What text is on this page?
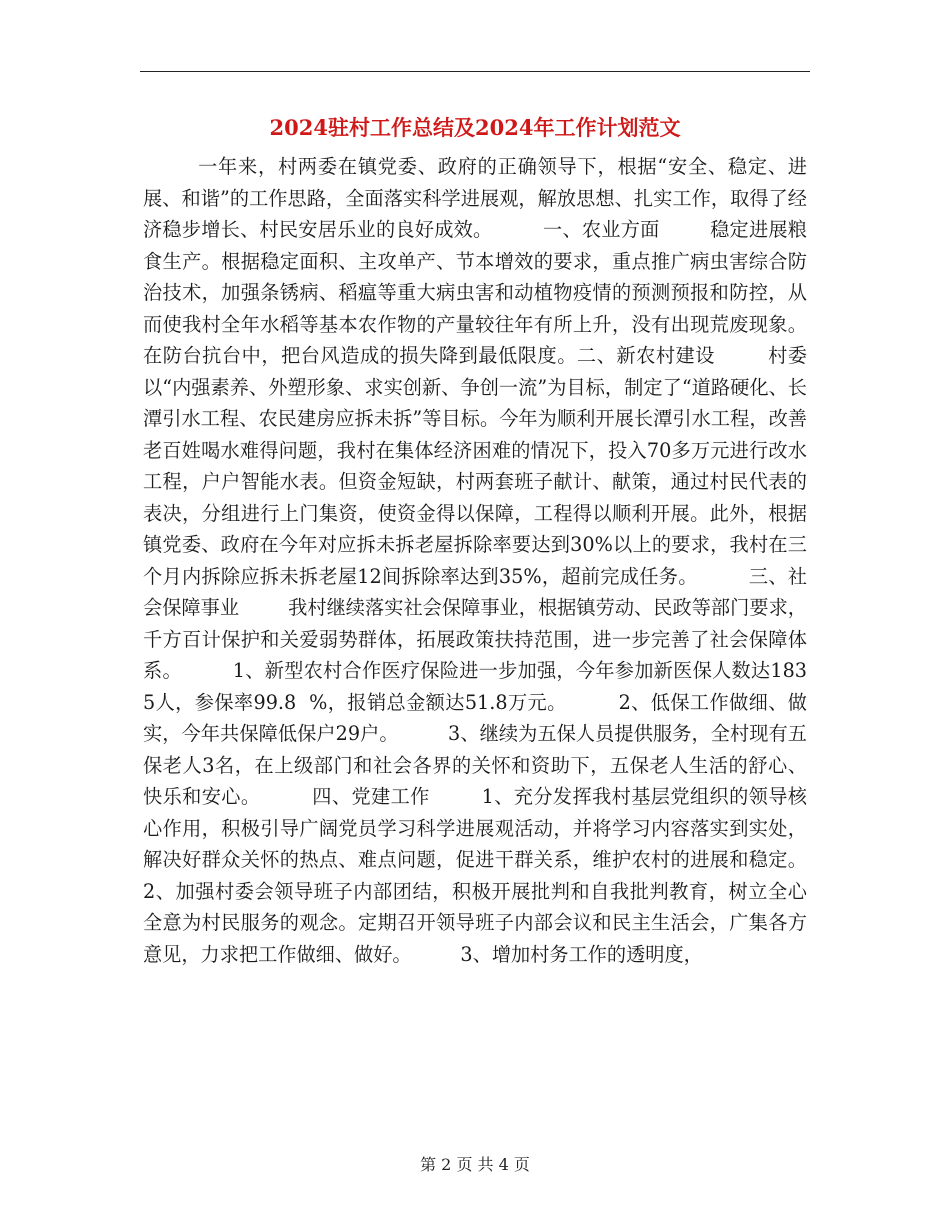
2024驻村工作总结及2024年工作计划范文

一年来，村两委在镇党委、政府的正确领导下，根据“安全、稳定、进展、和谐”的工作思路，全面落实科学进展观，解放思想、扎实工作，取得了经济稳步增长、村民安居乐业的良好成效。        一、农业方面        稳定进展粮食生产。根据稳定面积、主攻单产、节本增效的要求，重点推广病虫害综合防治技术，加强条锈病、稻瘟等重大病虫害和动植物疫情的预测预报和防控，从而使我村全年水稻等基本农作物的产量较往年有所上升，没有出现荒废现象。在防台抗台中，把台风造成的损失降到最低限度。二、新农村建设        村委以“内强素养、外塑形象、求实创新、争创一流”为目标，制定了“道路硬化、长潭引水工程、农民建房应拆未拆”等目标。今年为顺利开展长潭引水工程，改善老百姓喝水难得问题，我村在集体经济困难的情况下，投入70多万元进行改水工程，户户智能水表。但资金短缺，村两套班子献计、献策，通过村民代表的表决，分组进行上门集资，使资金得以保障，工程得以顺利开展。此外，根据镇党委、政府在今年对应拆未拆老屋拆除率要达到30%以上的要求，我村在三个月内拆除应拆未拆老屋12间拆除率达到35%，超前完成任务。        三、社会保障事业        我村继续落实社会保障事业，根据镇劳动、民政等部门要求，千方百计保护和关爱弱势群体，拓展政策扶持范围，进一步完善了社会保障体系。        1、新型农村合作医疗保险进一步加强，今年参加新医保人数达1835人，参保率99.8  %，报销总金额达51.8万元。        2、低保工作做细、做实，今年共保障低保户29户。        3、继续为五保人员提供服务，全村现有五保老人3名，在上级部门和社会各界的关怀和资助下，五保老人生活的舒心、快乐和安心。        四、党建工作        1、充分发挥我村基层党组织的领导核心作用，积极引导广阔党员学习科学进展观活动，并将学习内容落实到实处，解决好群众关怀的热点、难点问题，促进干群关系，维护农村的进展和稳定。        2、加强村委会领导班子内部团结，积极开展批判和自我批判教育，树立全心全意为村民服务的观念。定期召开领导班子内部会议和民主生活会，广集各方意见，力求把工作做细、做好。        3、增加村务工作的透明度，

第 2 页 共 4 页
